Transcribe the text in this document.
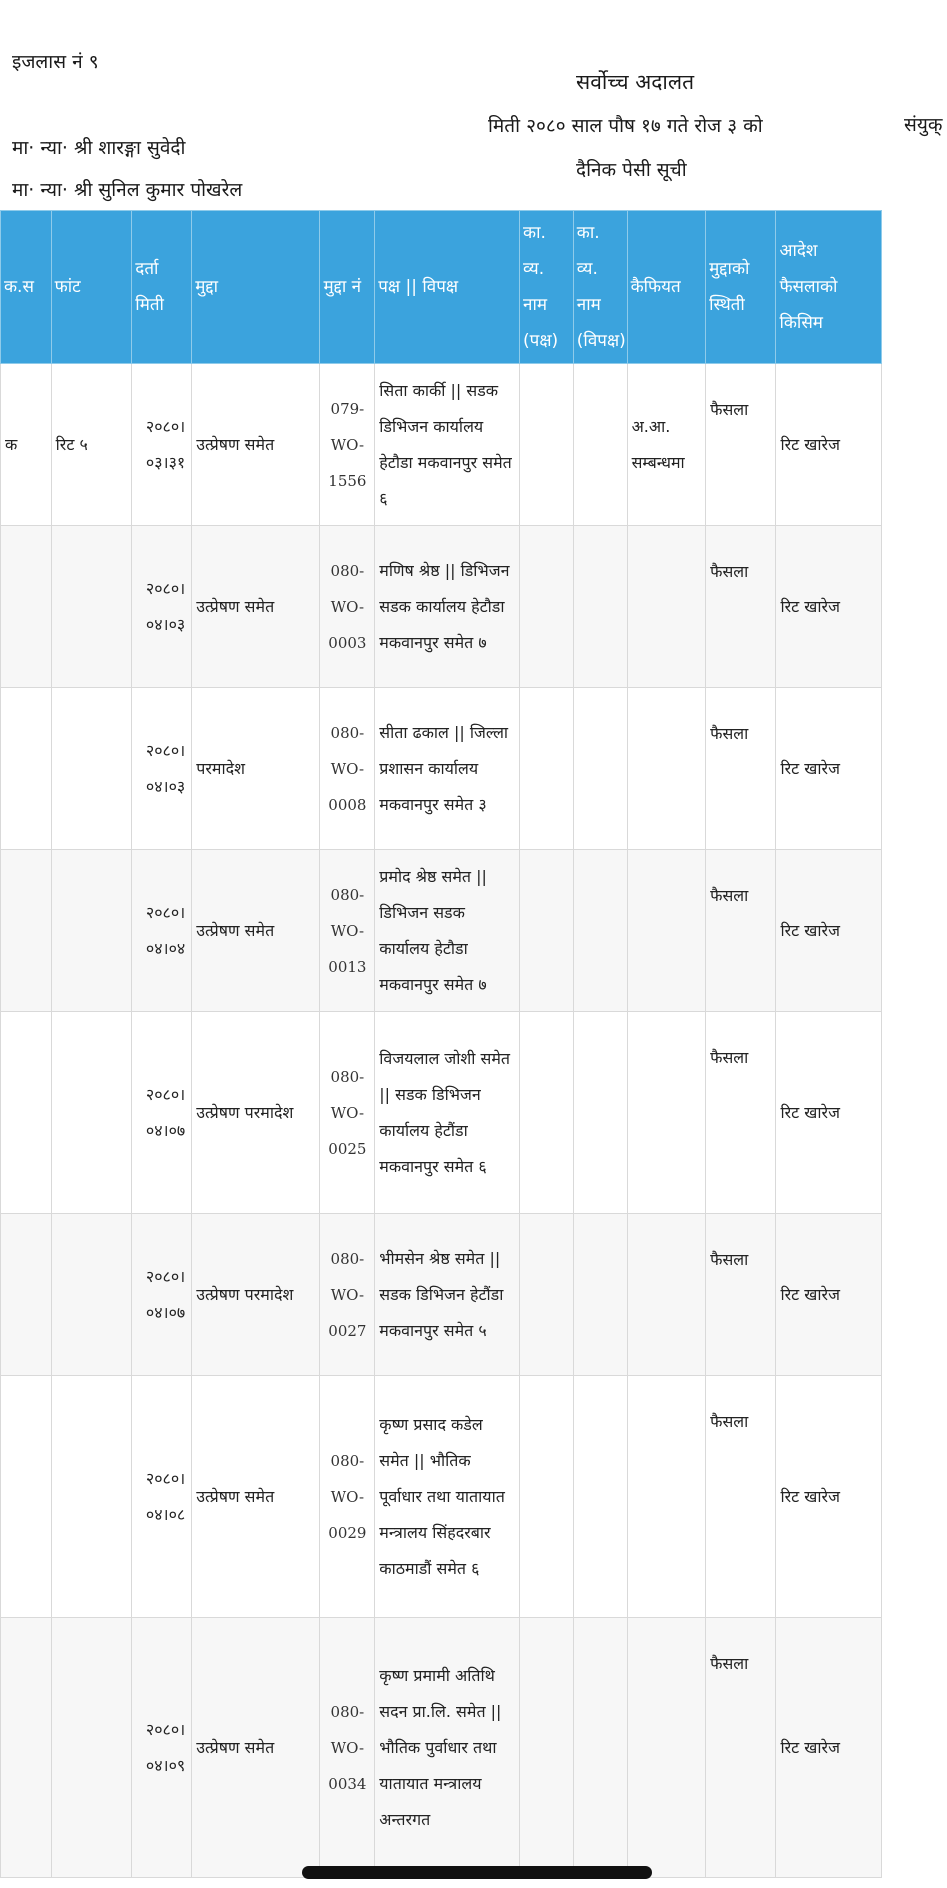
इजलास नं ९
सर्वोच्च अदालत
मिती २०८० साल पौष १७ गते रोज ३ को	संयुक्
दैनिक पेसी सूची
मा· न्या· श्री शारङ्गा सुवेदी
मा· न्या· श्री सुनिल कुमार पोखरेल
क.स	फांट	दर्ता मिती	मुद्दा	मुद्दा नं	पक्ष || विपक्ष	का. व्य. नाम (पक्ष)	का. व्य. नाम (विपक्ष)	कैफियत	मुद्दाको स्थिती	आदेश फैसलाको किसिम
क	रिट ५	२०८०।०३।३१	उत्प्रेषण समेत	079-WO-1556	सिता कार्की || सडक डिभिजन कार्यालय हेटौडा मकवानपुर समेत ६			अ.आ. सम्बन्धमा	फैसला	रिट खारेज
		२०८०।०४।०३	उत्प्रेषण समेत	080-WO-0003	मणिष श्रेष्ठ || डिभिजन सडक कार्यालय हेटौडा मकवानपुर समेत ७				फैसला	रिट खारेज
		२०८०।०४।०३	परमादेश	080-WO-0008	सीता ढकाल || जिल्ला प्रशासन कार्यालय मकवानपुर समेत ३				फैसला	रिट खारेज
		२०८०।०४।०४	उत्प्रेषण समेत	080-WO-0013	प्रमोद श्रेष्ठ समेत || डिभिजन सडक कार्यालय हेटौडा मकवानपुर समेत ७				फैसला	रिट खारेज
		२०८०।०४।०७	उत्प्रेषण परमादेश	080-WO-0025	विजयलाल जोशी समेत || सडक डिभिजन कार्यालय हेटौंडा मकवानपुर समेत ६				फैसला	रिट खारेज
		२०८०।०४।०७	उत्प्रेषण परमादेश	080-WO-0027	भीमसेन श्रेष्ठ समेत || सडक डिभिजन हेटौंडा मकवानपुर समेत ५				फैसला	रिट खारेज
		२०८०।०४।०८	उत्प्रेषण समेत	080-WO-0029	कृष्ण प्रसाद कडेल समेत || भौतिक पूर्वाधार तथा यातायात मन्त्रालय सिंहदरबार काठमाडौं समेत ६				फैसला	रिट खारेज
		२०८०।०४।०९	उत्प्रेषण समेत	080-WO-0034	कृष्ण प्रमामी अतिथि सदन प्रा.लि. समेत || भौतिक पुर्वाधार तथा यातायात मन्त्रालय अन्तरगत				फैसला	रिट खारेज
